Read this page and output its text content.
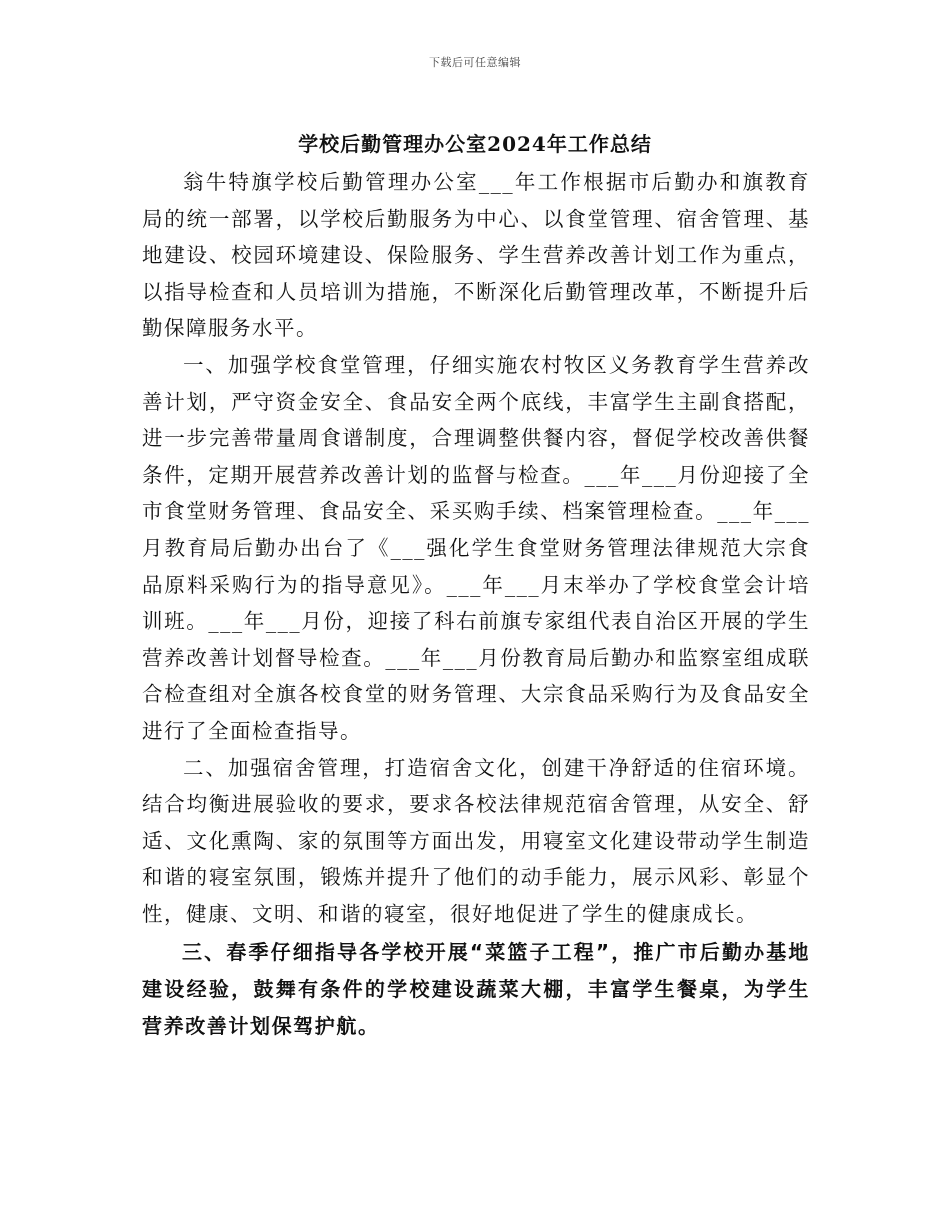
下载后可任意编辑
学校后勤管理办公室2024年工作总结

翁牛特旗学校后勤管理办公室___年工作根据市后勤办和旗教育局的统一部署，以学校后勤服务为中心、以食堂管理、宿舍管理、基地建设、校园环境建设、保险服务、学生营养改善计划工作为重点，以指导检查和人员培训为措施，不断深化后勤管理改革，不断提升后勤保障服务水平。

一、加强学校食堂管理，仔细实施农村牧区义务教育学生营养改善计划，严守资金安全、食品安全两个底线，丰富学生主副食搭配，进一步完善带量周食谱制度，合理调整供餐内容，督促学校改善供餐条件，定期开展营养改善计划的监督与检查。___年___月份迎接了全市食堂财务管理、食品安全、采买购手续、档案管理检查。___年___月教育局后勤办出台了《___强化学生食堂财务管理法律规范大宗食品原料采购行为的指导意见》。___年___月末举办了学校食堂会计培训班。___年___月份，迎接了科右前旗专家组代表自治区开展的学生营养改善计划督导检查。___年___月份教育局后勤办和监察室组成联合检查组对全旗各校食堂的财务管理、大宗食品采购行为及食品安全进行了全面检查指导。

二、加强宿舍管理，打造宿舍文化，创建干净舒适的住宿环境。结合均衡进展验收的要求，要求各校法律规范宿舍管理，从安全、舒适、文化熏陶、家的氛围等方面出发，用寝室文化建设带动学生制造和谐的寝室氛围，锻炼并提升了他们的动手能力，展示风彩、彰显个性，健康、文明、和谐的寝室，很好地促进了学生的健康成长。

三、春季仔细指导各学校开展“菜篮子工程”，推广市后勤办基地建设经验，鼓舞有条件的学校建设蔬菜大棚，丰富学生餐桌，为学生营养改善计划保驾护航。
